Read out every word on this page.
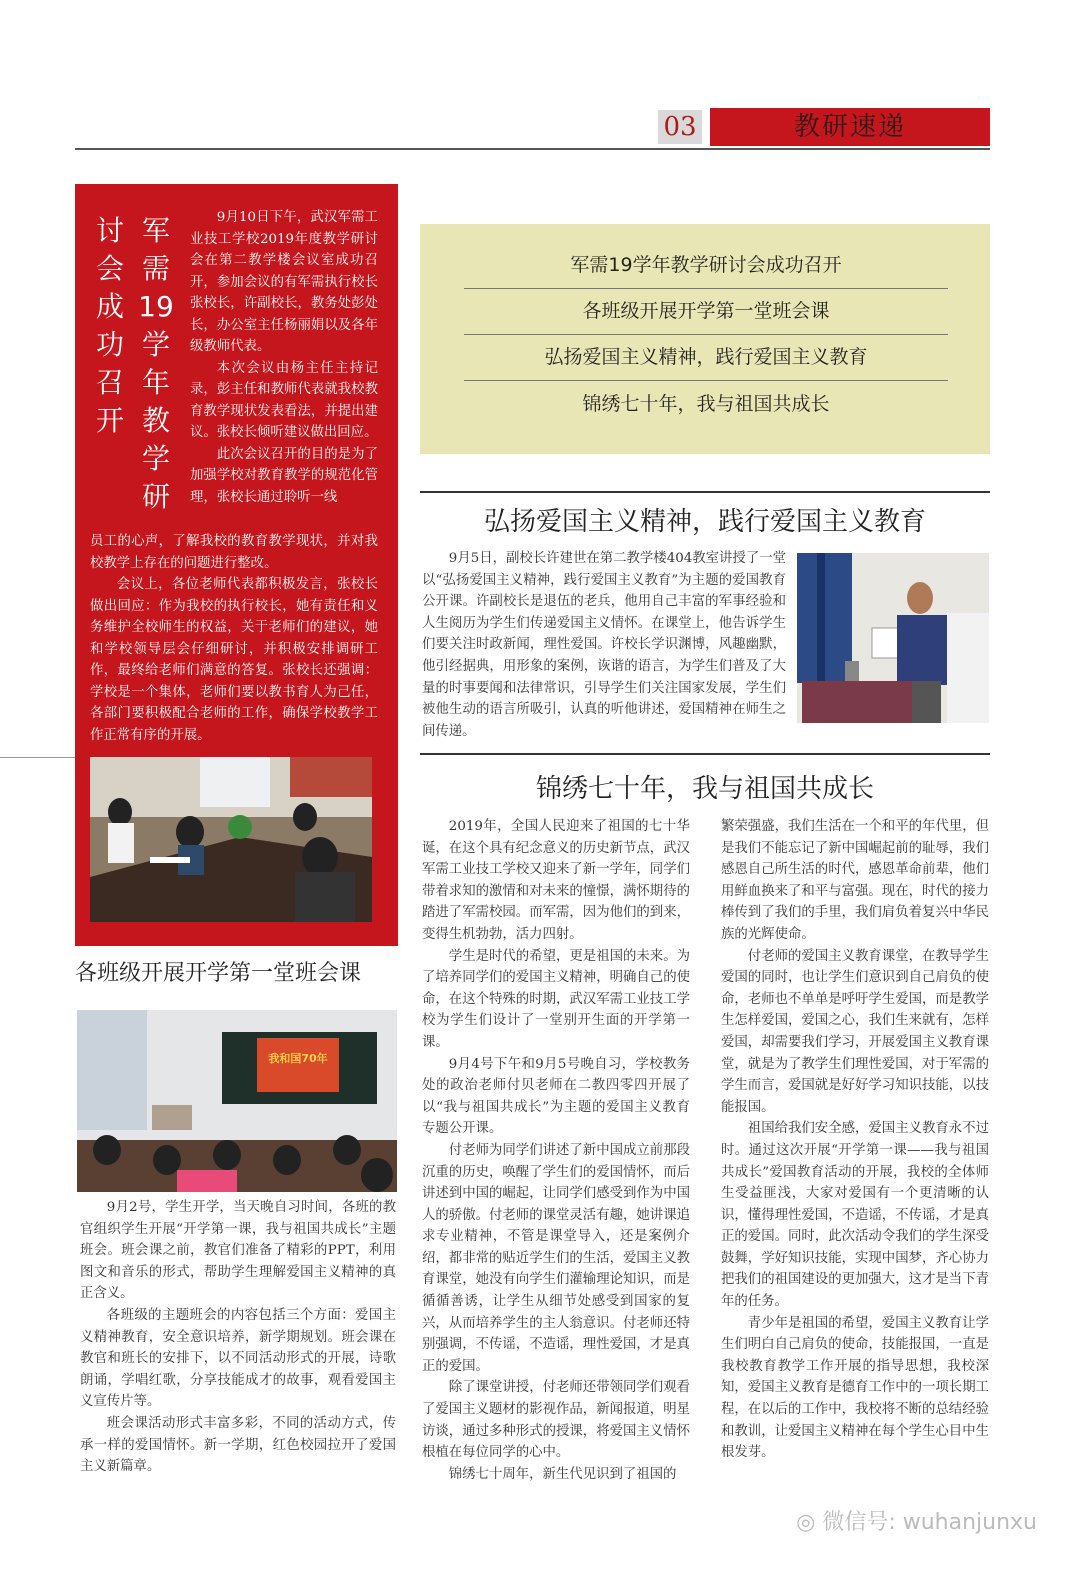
03	教研速递
军需19学年教学研
讨会成功召开

9月10日下午，武汉军需工业技工学校2019年度教学研讨会在第二教学楼会议室成功召开，参加会议的有军需执行校长张校长，许副校长，教务处彭处长，办公室主任杨丽娟以及各年级教师代表。

本次会议由杨主任主持记录，彭主任和教师代表就我校教育教学现状发表看法，并提出建议。张校长倾听建议做出回应。

此次会议召开的目的是为了加强学校对教育教学的规范化管理，张校长通过聆听一线

员工的心声，了解我校的教育教学现状，并对我校教学上存在的问题进行整改。

会议上，各位老师代表都积极发言，张校长做出回应：作为我校的执行校长，她有责任和义务维护全校师生的权益，关于老师们的建议，她和学校领导层会仔细研讨，并积极安排调研工作，最终给老师们满意的答复。张校长还强调：学校是一个集体，老师们要以教书育人为己任，各部门要积极配合老师的工作，确保学校教学工作正常有序的开展。

军需19学年教学研讨会成功召开
各班级开展开学第一堂班会课
弘扬爱国主义精神，践行爱国主义教育
锦绣七十年，我与祖国共成长
弘扬爱国主义精神，践行爱国主义教育

9月5日，副校长许建世在第二教学楼404教室讲授了一堂以“弘扬爱国主义精神，践行爱国主义教育”为主题的爱国教育公开课。许副校长是退伍的老兵，他用自己丰富的军事经验和人生阅历为学生们传递爱国主义情怀。在课堂上，他告诉学生们要关注时政新闻，理性爱国。许校长学识渊博，风趣幽默，他引经据典，用形象的案例，诙谐的语言，为学生们普及了大量的时事要闻和法律常识，引导学生们关注国家发展，学生们被他生动的语言所吸引，认真的听他讲述，爱国精神在师生之间传递。

锦绣七十年，我与祖国共成长

2019年，全国人民迎来了祖国的七十华诞，在这个具有纪念意义的历史新节点，武汉军需工业技工学校又迎来了新一学年，同学们带着求知的激情和对未来的憧憬，满怀期待的踏进了军需校园。而军需，因为他们的到来，变得生机勃勃，活力四射。

学生是时代的希望，更是祖国的未来。为了培养同学们的爱国主义精神，明确自己的使命，在这个特殊的时期，武汉军需工业技工学校为学生们设计了一堂别开生面的开学第一课。

9月4号下午和9月5号晚自习，学校教务处的政治老师付贝老师在二教四零四开展了以“我与祖国共成长”为主题的爱国主义教育专题公开课。

付老师为同学们讲述了新中国成立前那段沉重的历史，唤醒了学生们的爱国情怀，而后讲述到中国的崛起，让同学们感受到作为中国人的骄傲。付老师的课堂灵活有趣，她讲课追求专业精神，不管是课堂导入，还是案例介绍，都非常的贴近学生们的生活，爱国主义教育课堂，她没有向学生们灌输理论知识，而是循循善诱，让学生从细节处感受到国家的复兴，从而培养学生的主人翁意识。付老师还特别强调，不传谣，不造谣，理性爱国，才是真正的爱国。

除了课堂讲授，付老师还带领同学们观看了爱国主义题材的影视作品，新闻报道，明星访谈，通过多种形式的授课，将爱国主义情怀根植在每位同学的心中。

锦绣七十周年，新生代见识到了祖国的

繁荣强盛，我们生活在一个和平的年代里，但是我们不能忘记了新中国崛起前的耻辱，我们感恩自己所生活的时代，感恩革命前辈，他们用鲜血换来了和平与富强。现在，时代的接力棒传到了我们的手里，我们肩负着复兴中华民族的光辉使命。

付老师的爱国主义教育课堂，在教导学生爱国的同时，也让学生们意识到自己肩负的使命，老师也不单单是呼吁学生爱国，而是教学生怎样爱国，爱国之心，我们生来就有，怎样爱国，却需要我们学习，开展爱国主义教育课堂，就是为了教学生们理性爱国，对于军需的学生而言，爱国就是好好学习知识技能，以技能报国。

祖国给我们安全感，爱国主义教育永不过时。通过这次开展“开学第一课——我与祖国共成长”爱国教育活动的开展，我校的全体师生受益匪浅，大家对爱国有一个更清晰的认识，懂得理性爱国，不造谣，不传谣，才是真正的爱国。同时，此次活动令我们的学生深受鼓舞，学好知识技能，实现中国梦，齐心协力把我们的祖国建设的更加强大，这才是当下青年的任务。

青少年是祖国的希望，爱国主义教育让学生们明白自己肩负的使命，技能报国，一直是我校教育教学工作开展的指导思想，我校深知，爱国主义教育是德育工作中的一项长期工程，在以后的工作中，我校将不断的总结经验和教训，让爱国主义精神在每个学生心目中生根发芽。

各班级开展开学第一堂班会课
我和国70年

9月2号，学生开学，当天晚自习时间，各班的教官组织学生开展“开学第一课，我与祖国共成长”主题班会。班会课之前，教官们准备了精彩的PPT，利用图文和音乐的形式，帮助学生理解爱国主义精神的真正含义。

各班级的主题班会的内容包括三个方面：爱国主义精神教育，安全意识培养，新学期规划。班会课在教官和班长的安排下，以不同活动形式的开展，诗歌朗诵，学唱红歌，分享技能成才的故事，观看爱国主义宣传片等。

班会课活动形式丰富多彩，不同的活动方式，传承一样的爱国情怀。新一学期，红色校园拉开了爱国主义新篇章。

◎ 微信号: wuhanjunxu
